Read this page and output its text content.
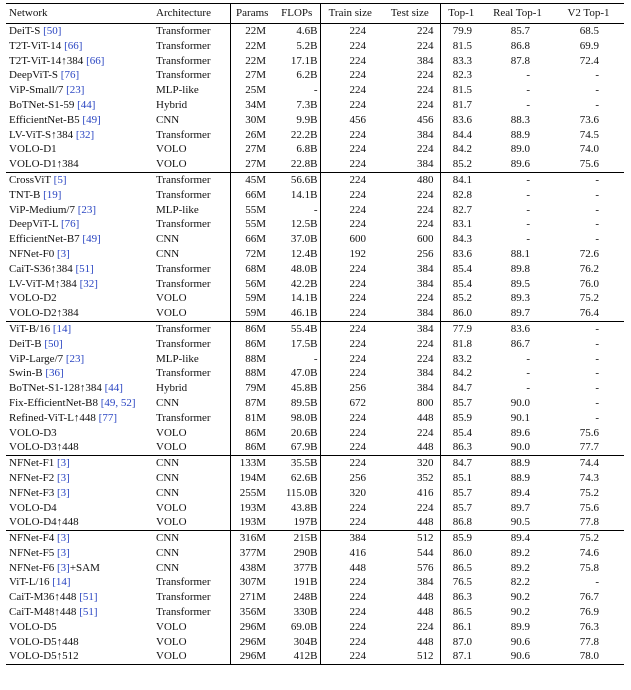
Network	Architecture	Params	FLOPs	Train size	Test size	Top-1	Real Top-1	V2 Top-1
DeiT-S [50]	Transformer	22M	4.6B	224	224	79.9	85.7	68.5
T2T-ViT-14 [66]	Transformer	22M	5.2B	224	224	81.5	86.8	69.9
T2T-ViT-14↑384 [66]	Transformer	22M	17.1B	224	384	83.3	87.8	72.4
DeepViT-S [76]	Transformer	27M	6.2B	224	224	82.3	-	-
ViP-Small/7 [23]	MLP-like	25M	-	224	224	81.5	-	-
BoTNet-S1-59 [44]	Hybrid	34M	7.3B	224	224	81.7	-	-
EfficientNet-B5 [49]	CNN	30M	9.9B	456	456	83.6	88.3	73.6
LV-ViT-S↑384 [32]	Transformer	26M	22.2B	224	384	84.4	88.9	74.5
VOLO-D1	VOLO	27M	6.8B	224	224	84.2	89.0	74.0
VOLO-D1↑384	VOLO	27M	22.8B	224	384	85.2	89.6	75.6
CrossViT [5]	Transformer	45M	56.6B	224	480	84.1	-	-
TNT-B [19]	Transformer	66M	14.1B	224	224	82.8	-	-
ViP-Medium/7 [23]	MLP-like	55M	-	224	224	82.7	-	-
DeepViT-L [76]	Transformer	55M	12.5B	224	224	83.1	-	-
EfficientNet-B7 [49]	CNN	66M	37.0B	600	600	84.3	-	-
NFNet-F0 [3]	CNN	72M	12.4B	192	256	83.6	88.1	72.6
CaiT-S36↑384 [51]	Transformer	68M	48.0B	224	384	85.4	89.8	76.2
LV-ViT-M↑384 [32]	Transformer	56M	42.2B	224	384	85.4	89.5	76.0
VOLO-D2	VOLO	59M	14.1B	224	224	85.2	89.3	75.2
VOLO-D2↑384	VOLO	59M	46.1B	224	384	86.0	89.7	76.4
ViT-B/16 [14]	Transformer	86M	55.4B	224	384	77.9	83.6	-
DeiT-B [50]	Transformer	86M	17.5B	224	224	81.8	86.7	-
ViP-Large/7 [23]	MLP-like	88M	-	224	224	83.2	-	-
Swin-B [36]	Transformer	88M	47.0B	224	384	84.2	-	-
BoTNet-S1-128↑384 [44]	Hybrid	79M	45.8B	256	384	84.7	-	-
Fix-EfficientNet-B8 [49, 52]	CNN	87M	89.5B	672	800	85.7	90.0	-
Refined-ViT-L↑448 [77]	Transformer	81M	98.0B	224	448	85.9	90.1	-
VOLO-D3	VOLO	86M	20.6B	224	224	85.4	89.6	75.6
VOLO-D3↑448	VOLO	86M	67.9B	224	448	86.3	90.0	77.7
NFNet-F1 [3]	CNN	133M	35.5B	224	320	84.7	88.9	74.4
NFNet-F2 [3]	CNN	194M	62.6B	256	352	85.1	88.9	74.3
NFNet-F3 [3]	CNN	255M	115.0B	320	416	85.7	89.4	75.2
VOLO-D4	VOLO	193M	43.8B	224	224	85.7	89.7	75.6
VOLO-D4↑448	VOLO	193M	197B	224	448	86.8	90.5	77.8
NFNet-F4 [3]	CNN	316M	215B	384	512	85.9	89.4	75.2
NFNet-F5 [3]	CNN	377M	290B	416	544	86.0	89.2	74.6
NFNet-F6 [3]+SAM	CNN	438M	377B	448	576	86.5	89.2	75.8
ViT-L/16 [14]	Transformer	307M	191B	224	384	76.5	82.2	-
CaiT-M36↑448 [51]	Transformer	271M	248B	224	448	86.3	90.2	76.7
CaiT-M48↑448 [51]	Transformer	356M	330B	224	448	86.5	90.2	76.9
VOLO-D5	VOLO	296M	69.0B	224	224	86.1	89.9	76.3
VOLO-D5↑448	VOLO	296M	304B	224	448	87.0	90.6	77.8
VOLO-D5↑512	VOLO	296M	412B	224	512	87.1	90.6	78.0
